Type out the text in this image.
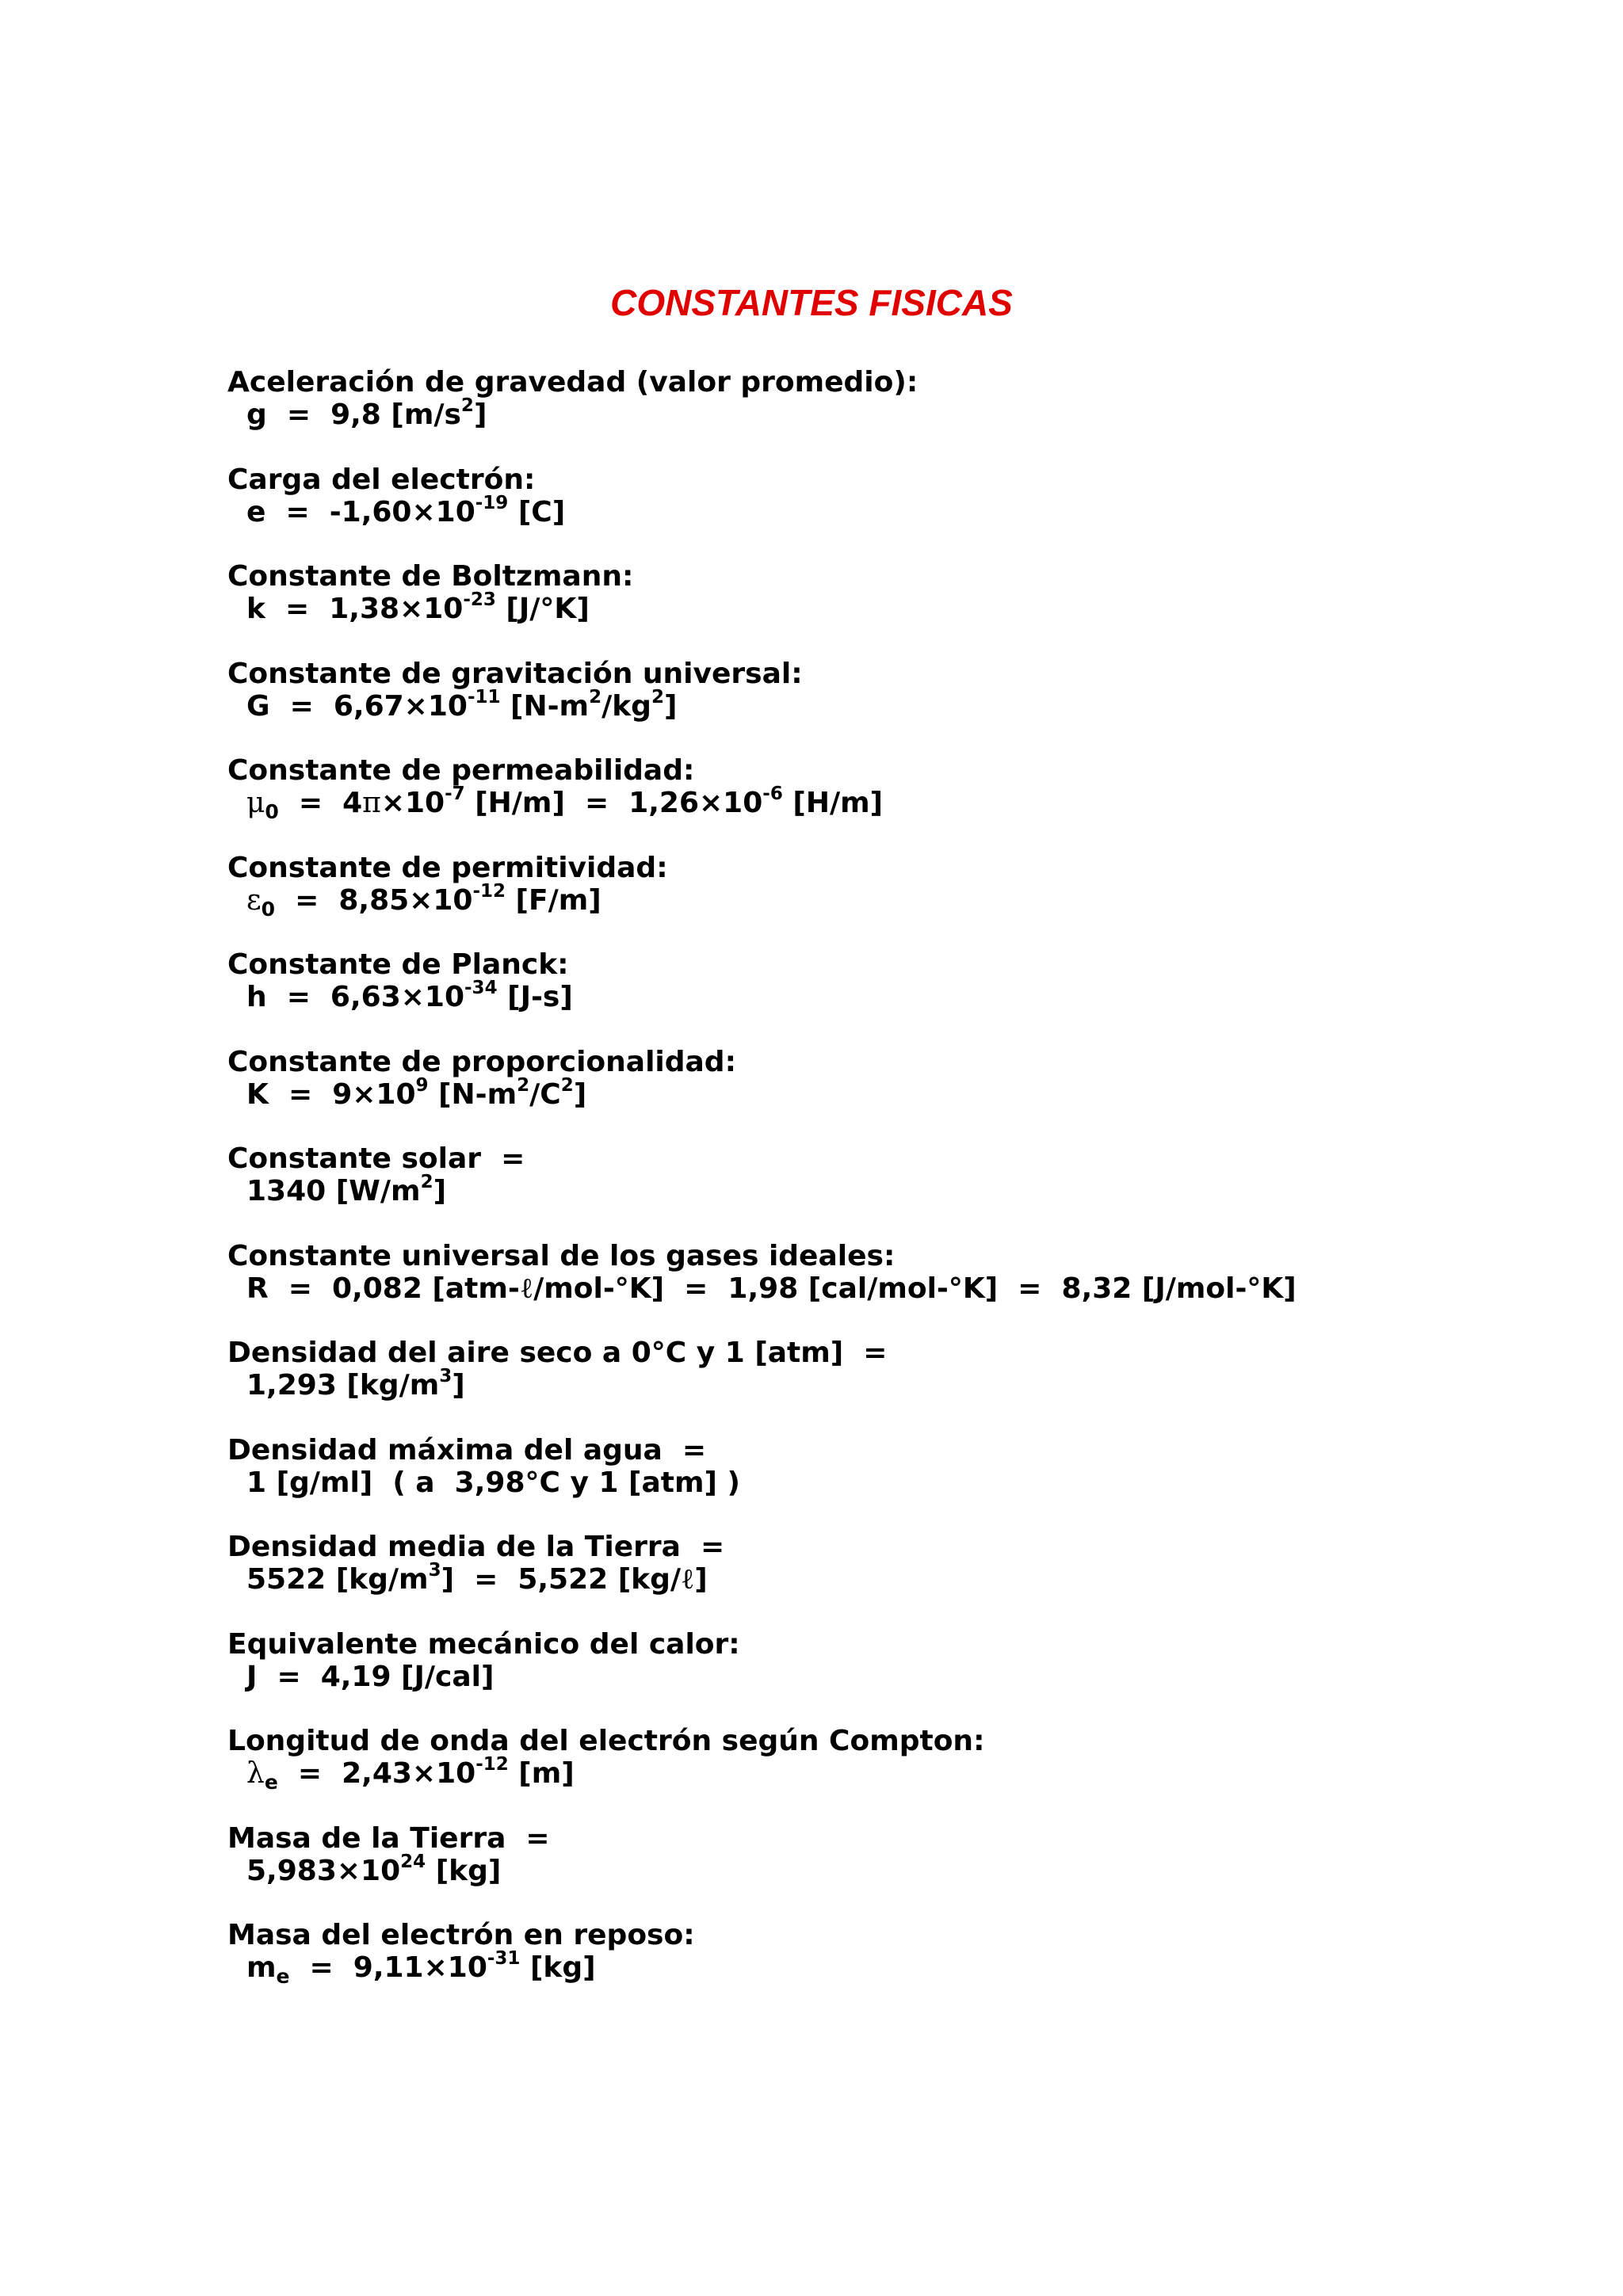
CONSTANTES FISICAS
Aceleración de gravedad (valor promedio):
g  =  9,8 $[m/s^2]$
Carga del electrón:
$e = -1,60\times 10^{-19}$ [C]
Constante de Boltzmann:
$k = 1,38\times 10^{-23}$ [J/°K]
Constante de gravitación universal:
$G = 6,67\times 10^{-11}$ $[N-m^2/kg^2]$
Constante de permeabilidad:
$\mu_0 = 4\pi\times 10^{-7}$ $[H/m] = 1,26\times 10^{-6}$ [H/m]
Constante de permitividad:
$\varepsilon_0 = 8,85\times 10^{-12}$ [F/m]
Constante de Planck:
$h = 6,63\times 10^{-34}$ [J-s]
Constante de proporcionalidad:
$K = 9\times 10^9$ $[N-m^2/C^2]$
Constante solar  =
1340 $[W/m^2]$
Constante universal de los gases ideales:
R  =  0,082 [atm-ℓ/mol-°K]  =  1,98 [cal/mol-°K]  =  8,32 [J/mol-°K]
Densidad del aire seco a 0°C y 1 [atm]  =
1,293 $[kg/m^3]$
Densidad máxima del agua  =
1 [g/ml]  ( a  3,98°C y 1 [atm] )
Densidad media de la Tierra  =
5522 $[kg/m^3] = 5,522$ [kg/ℓ]
Equivalente mecánico del calor:
J  =  4,19 [J/cal]
Longitud de onda del electrón según Compton:
$\lambda_e = 2,43\times 10^{-12}$ [m]
Masa de la Tierra  =
$5,983\times 10^{24}$ [kg]
Masa del electrón en reposo:
$m_e = 9,11\times 10^{-31}$ [kg]
